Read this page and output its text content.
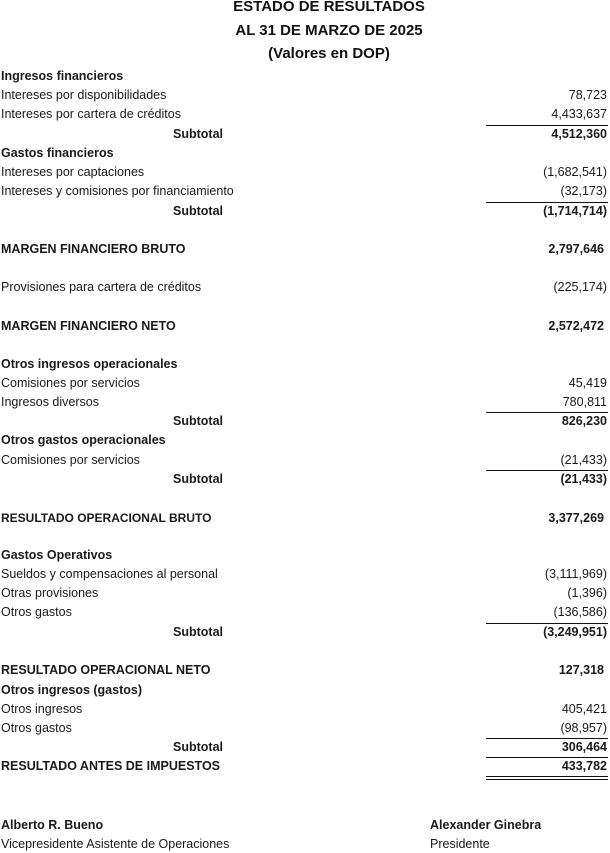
ESTADO DE RESULTADOS
AL 31 DE MARZO DE 2025
(Valores en DOP)
Ingresos financieros
Intereses por disponibilidades	78,723
Intereses por cartera de créditos	4,433,637
Subtotal	4,512,360
Gastos financieros
Intereses por captaciones	(1,682,541)
Intereses y comisiones por financiamiento	(32,173)
Subtotal	(1,714,714)
MARGEN FINANCIERO BRUTO	2,797,646
Provisiones para cartera de créditos	(225,174)
MARGEN FINANCIERO NETO	2,572,472
Otros ingresos operacionales
Comisiones por servicios	45,419
Ingresos diversos	780,811
Subtotal	826,230
Otros gastos operacionales
Comisiones por servicios	(21,433)
Subtotal	(21,433)
RESULTADO OPERACIONAL BRUTO	3,377,269
Gastos Operativos
Sueldos y compensaciones al personal	(3,111,969)
Otras provisiones	(1,396)
Otros gastos	(136,586)
Subtotal	(3,249,951)
RESULTADO OPERACIONAL NETO	127,318
Otros ingresos (gastos)
Otros ingresos	405,421
Otros gastos	(98,957)
Subtotal	306,464
RESULTADO ANTES DE IMPUESTOS	433,782
Alberto R. Bueno
Vicepresidente Asistente de Operaciones
Alexander Ginebra
Presidente
